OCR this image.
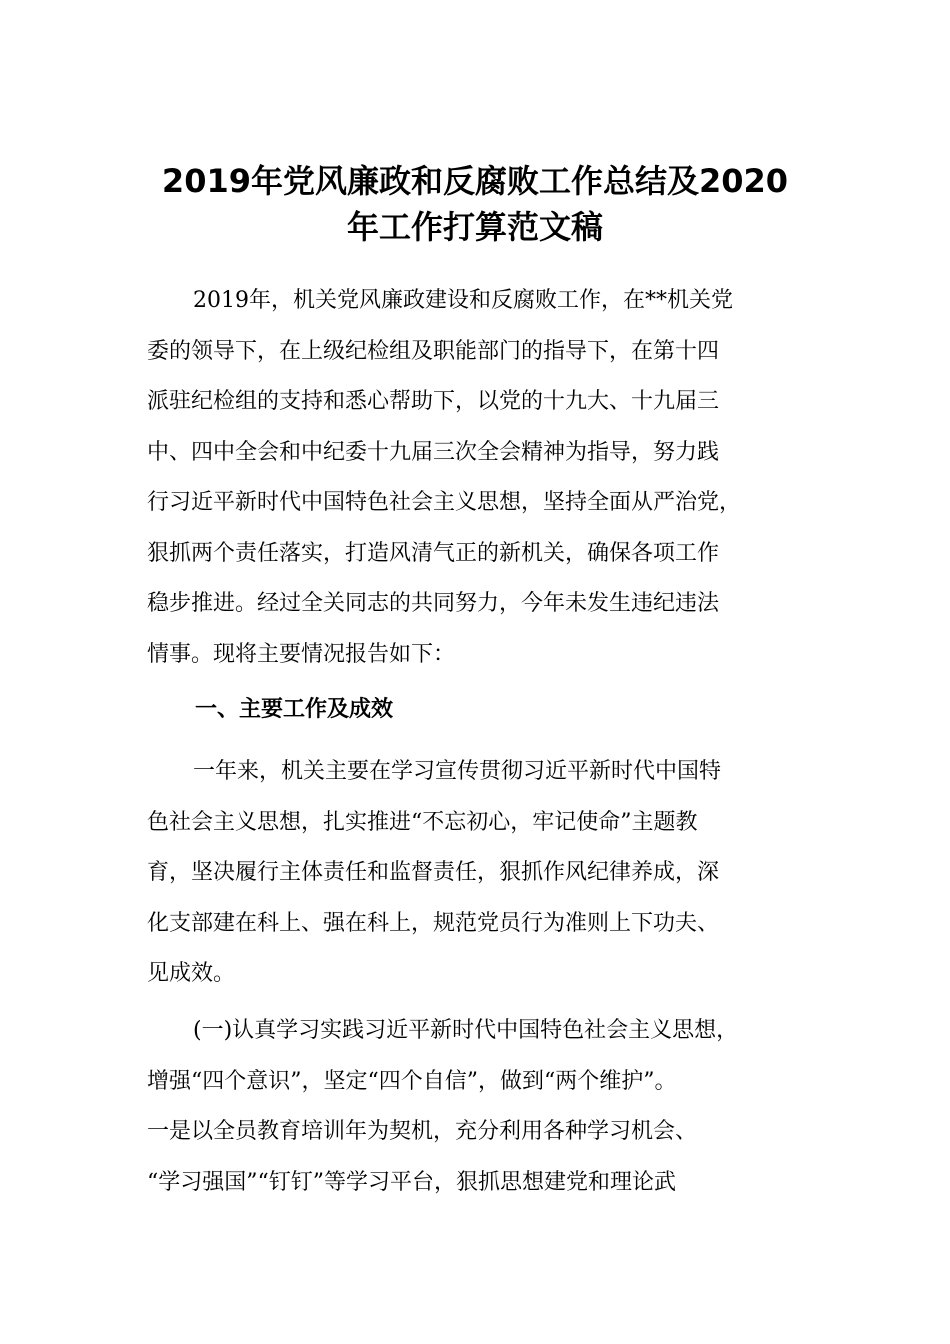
2019年党风廉政和反腐败工作总结及2020
年工作打算范文稿

2019年，机关党风廉政建设和反腐败工作，在**机关党
委的领导下，在上级纪检组及职能部门的指导下，在第十四
派驻纪检组的支持和悉心帮助下，以党的十九大、十九届三
中、四中全会和中纪委十九届三次全会精神为指导，努力践
行习近平新时代中国特色社会主义思想，坚持全面从严治党，
狠抓两个责任落实，打造风清气正的新机关，确保各项工作
稳步推进。经过全关同志的共同努力，今年未发生违纪违法
情事。现将主要情况报告如下：

一、主要工作及成效

一年来，机关主要在学习宣传贯彻习近平新时代中国特
色社会主义思想，扎实推进“不忘初心，牢记使命”主题教
育，坚决履行主体责任和监督责任，狠抓作风纪律养成，深
化支部建在科上、强在科上，规范党员行为准则上下功夫、
见成效。

(一)认真学习实践习近平新时代中国特色社会主义思想，
增强“四个意识”，坚定“四个自信”，做到“两个维护”。
一是以全员教育培训年为契机，充分利用各种学习机会、
“学习强国”“钉钉”等学习平台，狠抓思想建党和理论武
